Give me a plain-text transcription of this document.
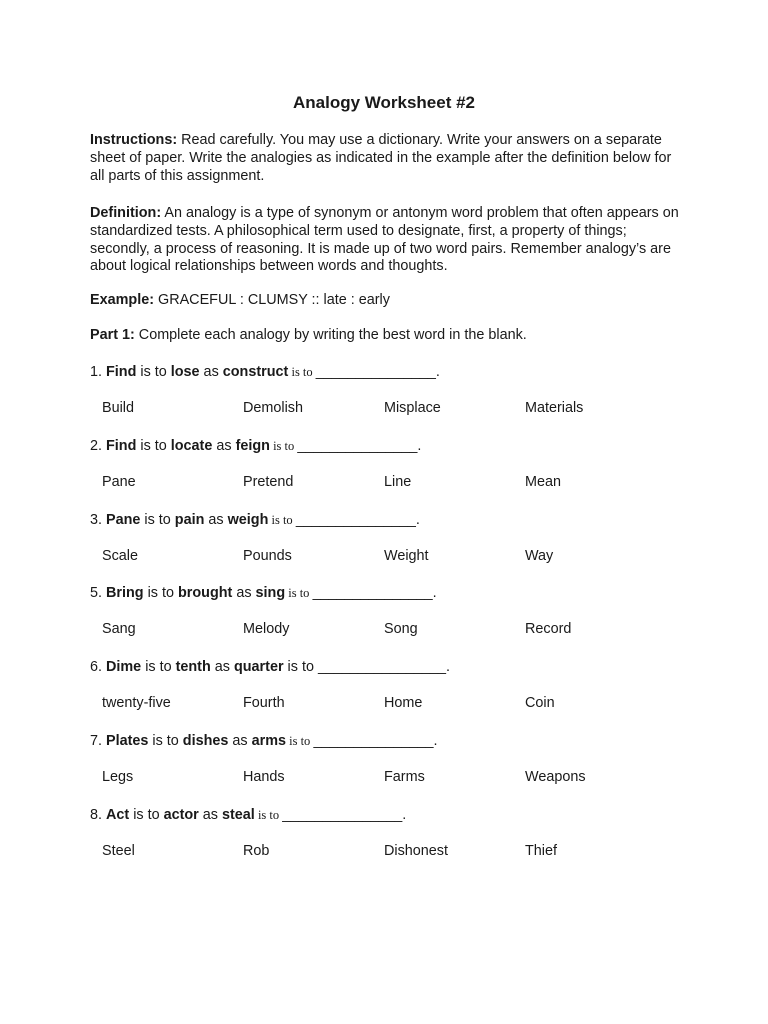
Analogy Worksheet #2

Instructions: Read carefully. You may use a dictionary. Write your answers on a separate sheet of paper. Write the analogies as indicated in the example after the definition below for all parts of this assignment.

Definition: An analogy is a type of synonym or antonym word problem that often appears on standardized tests. A philosophical term used to designate, first, a property of things; secondly, a process of reasoning. It is made up of two word pairs. Remember analogy’s are about logical relationships between words and thoughts.

Example: GRACEFUL : CLUMSY :: late : early

Part 1: Complete each analogy by writing the best word in the blank.

1. Find is to lose as construct is to _______________.
Build	Demolish	Misplace	Materials
2. Find is to locate as feign is to _______________.
Pane	Pretend	Line	Mean
3. Pane is to pain as weigh is to _______________.
Scale	Pounds	Weight	Way
5. Bring is to brought as sing is to _______________.
Sang	Melody	Song	Record
6. Dime is to tenth as quarter is to ________________.
twenty-five	Fourth	Home	Coin
7. Plates is to dishes as arms is to _______________.
Legs	Hands	Farms	Weapons
8. Act is to actor as steal is to _______________.
Steel	Rob	Dishonest	Thief
